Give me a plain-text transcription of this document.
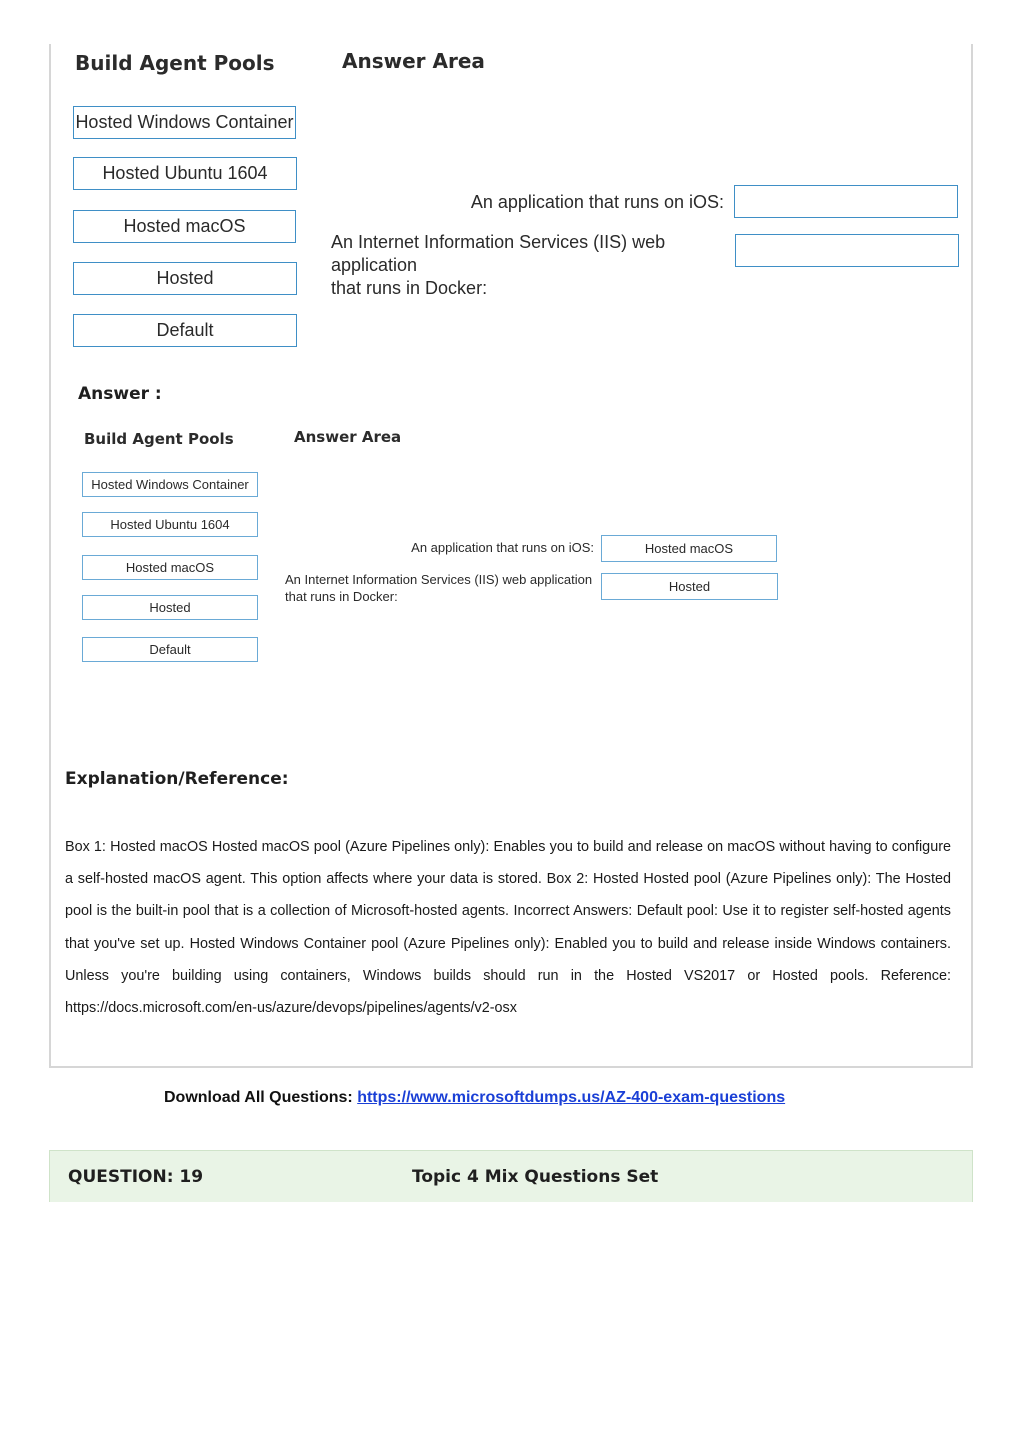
Build Agent Pools	Answer Area
Hosted Windows Container
Hosted Ubuntu 1604
Hosted macOS
Hosted
Default
An application that runs on iOS:
An Internet Information Services (IIS) web application
that runs in Docker:
Answer :
Build Agent Pools	Answer Area
Hosted Windows Container
Hosted Ubuntu 1604
Hosted macOS
Hosted
Default
An application that runs on iOS:	Hosted macOS
An Internet Information Services (IIS) web application
that runs in Docker:
Hosted
Explanation/Reference:
Box 1: Hosted macOS Hosted macOS pool (Azure Pipelines only): Enables you to build and release on macOS without having to configure a self-hosted macOS agent. This option affects where your data is stored. Box 2: Hosted Hosted pool (Azure Pipelines only): The Hosted pool is the built-in pool that is a collection of Microsoft-hosted agents. Incorrect Answers: Default pool: Use it to register self-hosted agents that you've set up. Hosted Windows Container pool (Azure Pipelines only): Enabled you to build and release inside Windows containers. Unless you're building using containers, Windows builds should run in the Hosted VS2017 or Hosted pools. Reference: https://docs.microsoft.com/en-us/azure/devops/pipelines/agents/v2-osx
Download All Questions: https://www.microsoftdumps.us/AZ-400-exam-questions
QUESTION: 19	Topic 4 Mix Questions Set
